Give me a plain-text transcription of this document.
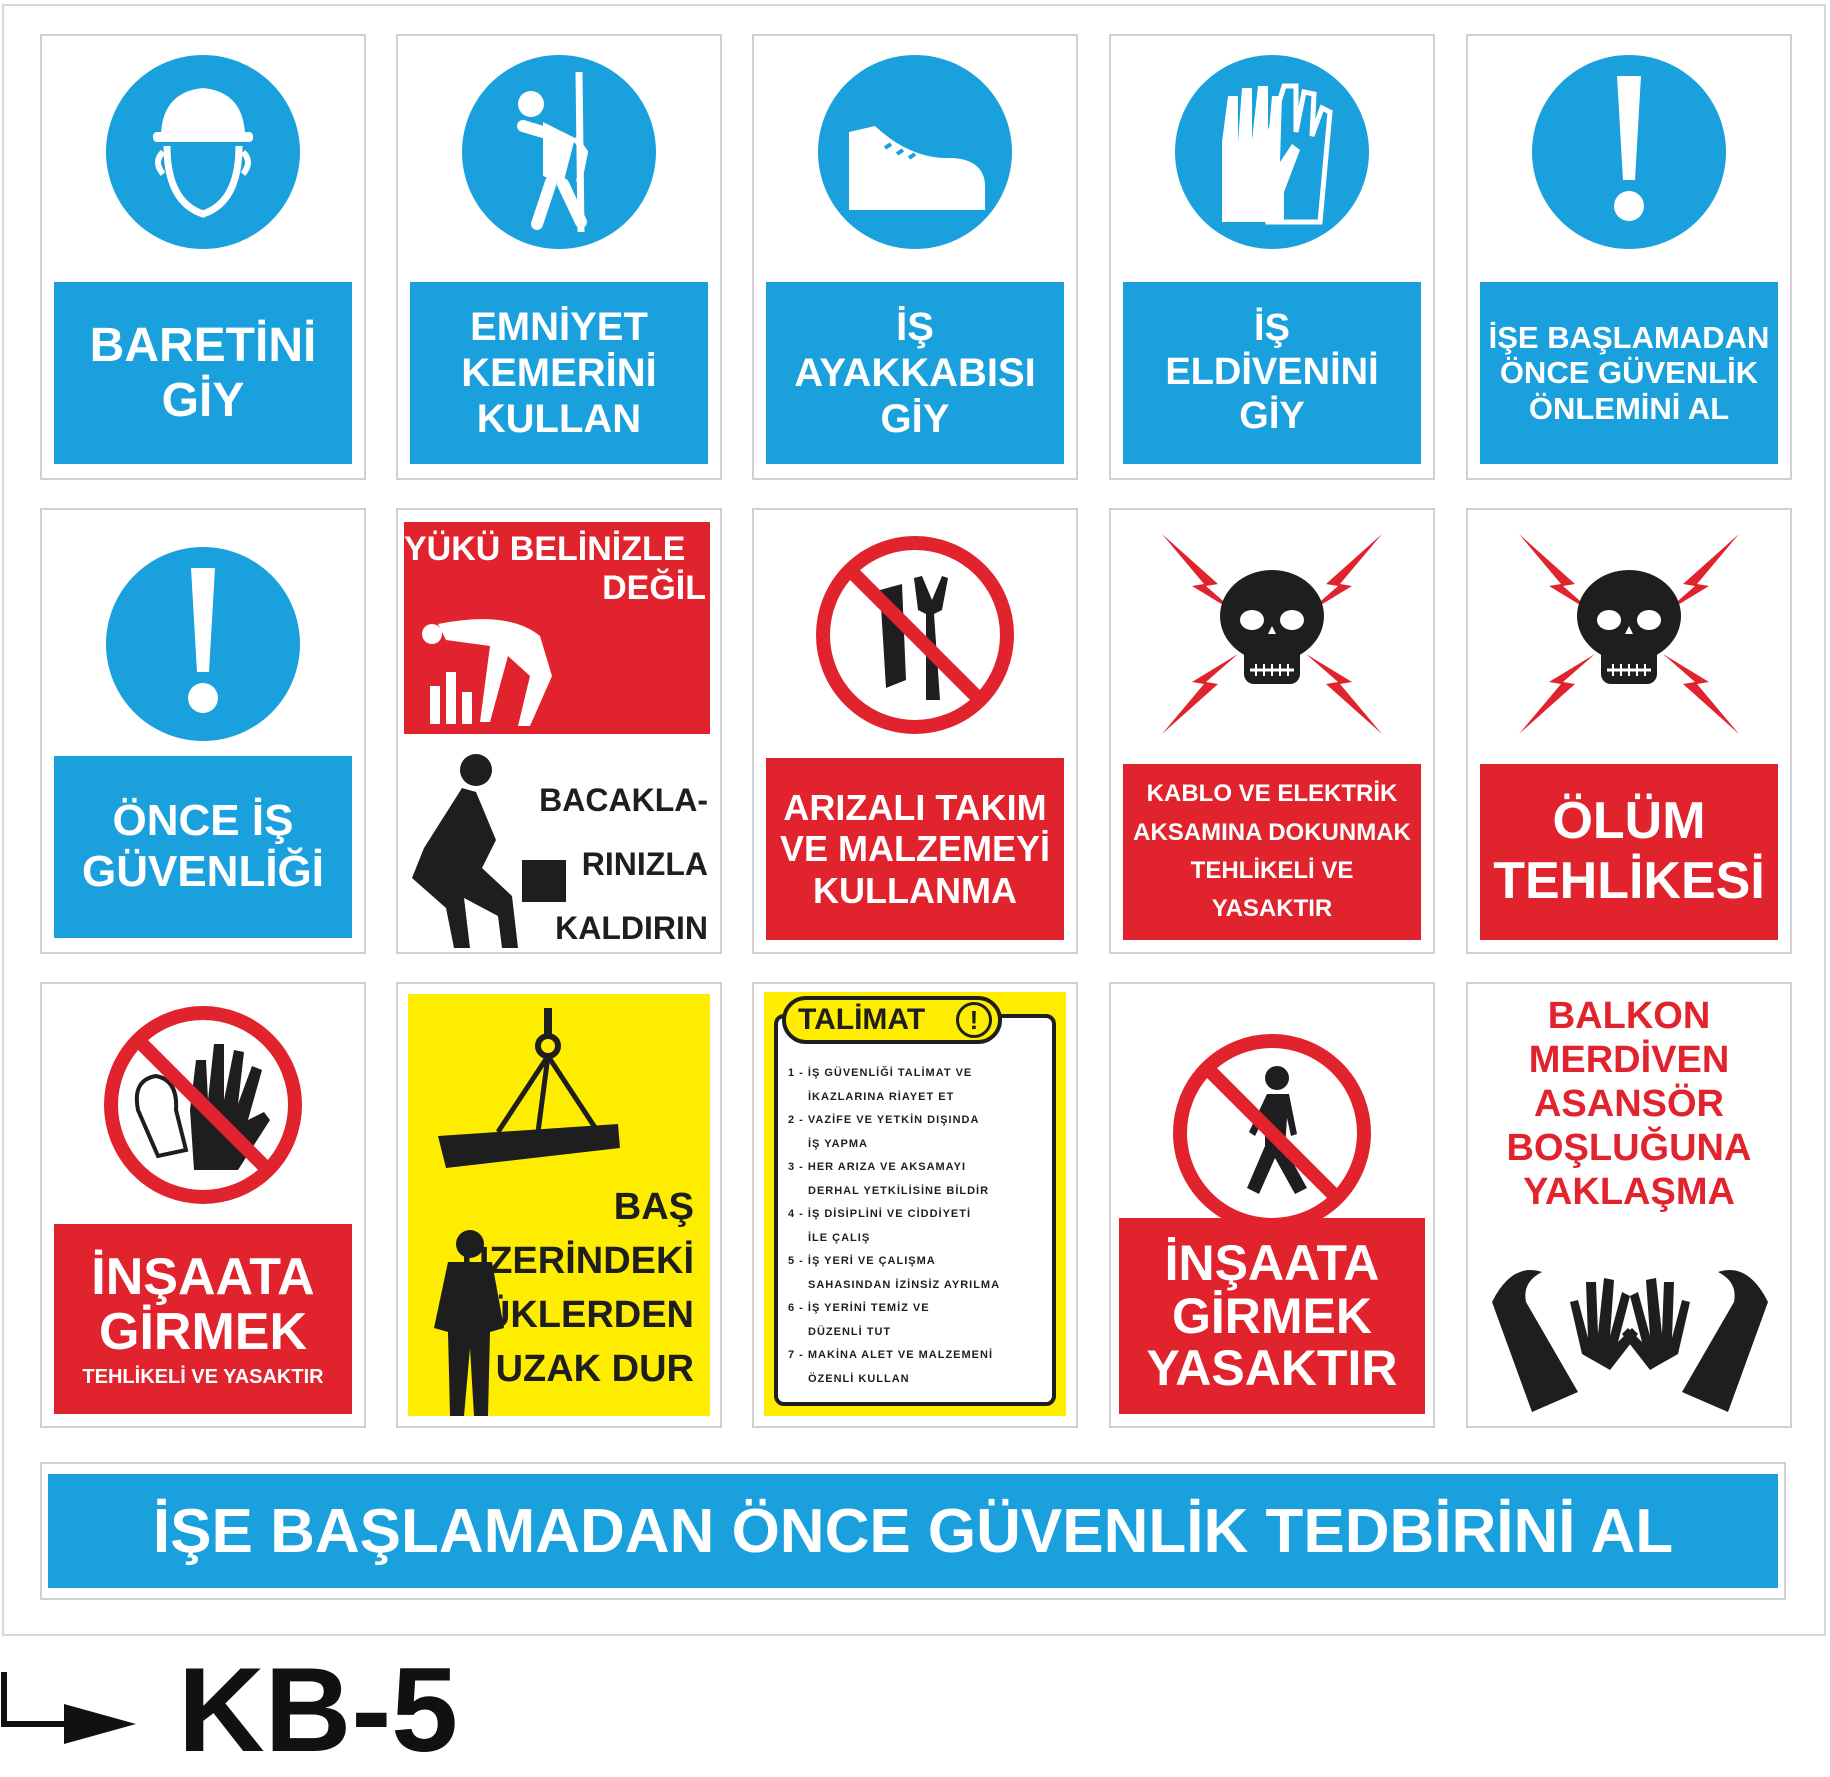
BARETİNİ
GİY
EMNİYET
KEMERİNİ
KULLAN
İŞ
AYAKKABISI
GİY
İŞ
ELDİVENİNİ
GİY
İŞE BAŞLAMADAN
ÖNCE GÜVENLİK
ÖNLEMİNİ AL
ÖNCE İŞ
GÜVENLİĞİ
YÜKÜ BELİNİZLE
DEĞİL
BACAKLA-
RINIZLA
KALDIRIN
ARIZALI TAKIM
VE MALZEMEYİ
KULLANMA
KABLO VE ELEKTRİK
AKSAMINA DOKUNMAK
TEHLİKELİ VE
YASAKTIR
ÖLÜM
TEHLİKESİ
İNŞAATA
GİRMEK
TEHLİKELİ VE YASAKTIR
BAŞ
ÜZERİNDEKİ
YÜKLERDEN
UZAK DUR
TALİMAT	!
1 - İŞ GÜVENLİĞİ TALİMAT VE
İKAZLARINA RİAYET ET
2 - VAZİFE VE YETKİN DIŞINDA
İŞ YAPMA
3 - HER ARIZA VE AKSAMAYI
DERHAL YETKİLİSİNE BİLDİR
4 - İŞ DİSİPLİNİ VE CİDDİYETİ
İLE ÇALIŞ
5 - İŞ YERİ VE ÇALIŞMA
SAHASINDAN İZİNSİZ AYRILMA
6 - İŞ YERİNİ TEMİZ VE
DÜZENLİ TUT
7 - MAKİNA ALET VE MALZEMENİ
ÖZENLİ KULLAN
İNŞAATA
GİRMEK
YASAKTIR
BALKON
MERDİVEN
ASANSÖR
BOŞLUĞUNA
YAKLAŞMA
İŞE BAŞLAMADAN ÖNCE GÜVENLİK TEDBİRİNİ AL
KB-5
